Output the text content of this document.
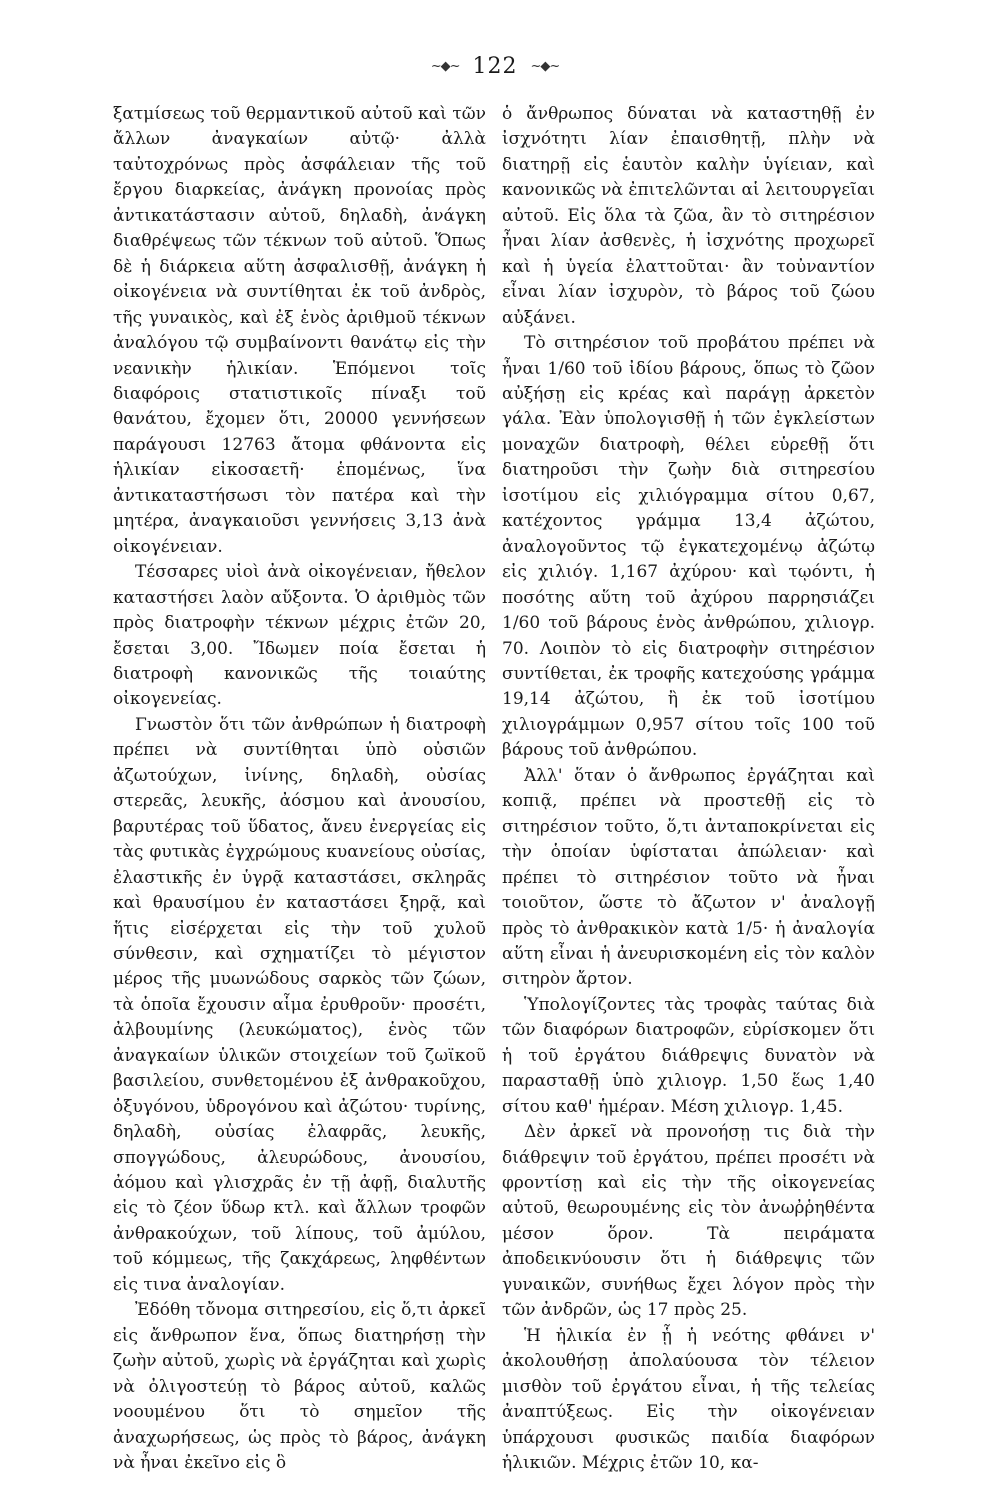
~◆~ 122 ~◆~

ξατμίσεως τοῦ θερμαντικοῦ αὐτοῦ καὶ τῶν ἄλλων ἀναγκαίων αὐτῷ· ἀλλὰ ταὐτοχρόνως πρὸς ἀσφάλειαν τῆς τοῦ ἔργου διαρκείας, ἀνάγκη προνοίας πρὸς ἀντικατάστασιν αὐτοῦ, δηλαδὴ, ἀνάγκη διαθρέψεως τῶν τέκνων τοῦ αὐτοῦ. Ὅπως δὲ ἡ διάρκεια αὕτη ἀσφαλισθῇ, ἀνάγκη ἡ οἰκογένεια νὰ συντίθηται ἐκ τοῦ ἀνδρὸς, τῆς γυναικὸς, καὶ ἐξ ἑνὸς ἀριθμοῦ τέκνων ἀναλόγου τῷ συμβαίνοντι θανάτῳ εἰς τὴν νεανικὴν ἡλικίαν. Ἑπόμενοι τοῖς διαφόροις στατιστικοῖς πίναξι τοῦ θανάτου, ἔχομεν ὅτι, 20000 γεννήσεων παράγουσι 12763 ἄτομα φθάνοντα εἰς ἡλικίαν εἰκοσαετῆ· ἑπομένως, ἵνα ἀντικαταστήσωσι τὸν πατέρα καὶ τὴν μητέρα, ἀναγκαιοῦσι γεννήσεις 3,13 ἀνὰ οἰκογένειαν.

Τέσσαρες υἱοὶ ἀνὰ οἰκογένειαν, ἤθελον καταστήσει λαὸν αὔξοντα. Ὁ ἀριθμὸς τῶν πρὸς διατροφὴν τέκνων μέχρις ἐτῶν 20, ἔσεται 3,00. Ἴδωμεν ποία ἔσεται ἡ διατροφὴ κανονικῶς τῆς τοιαύτης οἰκογενείας.

Γνωστὸν ὅτι τῶν ἀνθρώπων ἡ διατροφὴ πρέπει νὰ συντίθηται ὑπὸ οὐσιῶν ἀζωτούχων, ἰνίνης, δηλαδὴ, οὐσίας στερεᾶς, λευκῆς, ἀόσμου καὶ ἀνουσίου, βαρυτέρας τοῦ ὕδατος, ἄνευ ἐνεργείας εἰς τὰς φυτικὰς ἐγχρώμους κυανείους οὐσίας, ἐλαστικῆς ἐν ὑγρᾷ καταστάσει, σκληρᾶς καὶ θραυσίμου ἐν καταστάσει ξηρᾷ, καὶ ἥτις εἰσέρχεται εἰς τὴν τοῦ χυλοῦ σύνθεσιν, καὶ σχηματίζει τὸ μέγιστον μέρος τῆς μυωνώδους σαρκὸς τῶν ζώων, τὰ ὁποῖα ἔχουσιν αἷμα ἐρυθροῦν· προσέτι, ἀλβουμίνης (λευκώματος), ἑνὸς τῶν ἀναγκαίων ὑλικῶν στοιχείων τοῦ ζωϊκοῦ βασιλείου, συνθετομένου ἐξ ἀνθρακοῦχου, ὀξυγόνου, ὑδρογόνου καὶ ἀζώτου· τυρίνης, δηλαδὴ, οὐσίας ἐλαφρᾶς, λευκῆς, σπογγώδους, ἀλευρώδους, ἀνουσίου, ἀόμου καὶ γλισχρᾶς ἐν τῇ ἀφῇ, διαλυτῆς εἰς τὸ ζέον ὕδωρ κτλ. καὶ ἄλλων τροφῶν ἀνθρακούχων, τοῦ λίπους, τοῦ ἀμύλου, τοῦ κόμμεως, τῆς ζακχάρεως, ληφθέντων εἰς τινα ἀναλογίαν.

Ἐδόθη τὄνομα σιτηρεσίου, εἰς ὅ,τι ἀρκεῖ εἰς ἄνθρωπον ἕνα, ὅπως διατηρήσῃ τὴν ζωὴν αὐτοῦ, χωρὶς νὰ ἐργάζηται καὶ χωρὶς νὰ ὀλιγοστεύῃ τὸ βάρος αὐτοῦ, καλῶς νοουμένου ὅτι τὸ σημεῖον τῆς ἀναχωρήσεως, ὡς πρὸς τὸ βάρος, ἀνάγκη νὰ ἦναι ἐκεῖνο εἰς ὃ

ὁ ἄνθρωπος δύναται νὰ καταστηθῇ ἐν ἰσχνότητι λίαν ἐπαισθητῇ, πλὴν νὰ διατηρῇ εἰς ἑαυτὸν καλὴν ὑγίειαν, καὶ κανονικῶς νὰ ἐπιτελῶνται αἱ λειτουργεῖαι αὐτοῦ. Εἰς ὅλα τὰ ζῶα, ἂν τὸ σιτηρέσιον ἦναι λίαν ἀσθενὲς, ἡ ἰσχνότης προχωρεῖ καὶ ἡ ὑγεία ἐλαττοῦται· ἂν τοὐναντίον εἶναι λίαν ἰσχυρὸν, τὸ βάρος τοῦ ζώου αὐξάνει.

Τὸ σιτηρέσιον τοῦ προβάτου πρέπει νὰ ἦναι 1/60 τοῦ ἰδίου βάρους, ὅπως τὸ ζῶον αὐξήσῃ εἰς κρέας καὶ παράγῃ ἀρκετὸν γάλα. Ἐὰν ὑπολογισθῇ ἡ τῶν ἐγκλείστων μοναχῶν διατροφὴ, θέλει εὑρεθῇ ὅτι διατηροῦσι τὴν ζωὴν διὰ σιτηρεσίου ἰσοτίμου εἰς χιλιόγραμμα σίτου 0,67, κατέχοντος γράμμα 13,4 ἀζώτου, ἀναλογοῦντος τῷ ἐγκατεχομένῳ ἀζώτῳ εἰς χιλιόγ. 1,167 ἀχύρου· καὶ τῳόντι, ἡ ποσότης αὕτη τοῦ ἀχύρου παρρησιάζει 1/60 τοῦ βάρους ἑνὸς ἀνθρώπου, χιλιογρ. 70. Λοιπὸν τὸ εἰς διατροφὴν σιτηρέσιον συντίθεται, ἐκ τροφῆς κατεχούσης γράμμα 19,14 ἀζώτου, ἢ ἐκ τοῦ ἰσοτίμου χιλιογράμμων 0,957 σίτου τοῖς 100 τοῦ βάρους τοῦ ἀνθρώπου.

Ἀλλ' ὅταν ὁ ἄνθρωπος ἐργάζηται καὶ κοπιᾷ, πρέπει νὰ προστεθῇ εἰς τὸ σιτηρέσιον τοῦτο, ὅ,τι ἀνταποκρίνεται εἰς τὴν ὁποίαν ὑφίσταται ἀπώλειαν· καὶ πρέπει τὸ σιτηρέσιον τοῦτο νὰ ἦναι τοιοῦτον, ὥστε τὸ ἄζωτον ν' ἀναλογῇ πρὸς τὸ ἀνθρακικὸν κατὰ 1/5· ἡ ἀναλογία αὕτη εἶναι ἡ ἀνευρισκομένη εἰς τὸν καλὸν σιτηρὸν ἄρτον.

Ὑπολογίζοντες τὰς τροφὰς ταύτας διὰ τῶν διαφόρων διατροφῶν, εὑρίσκομεν ὅτι ἡ τοῦ ἐργάτου διάθρεψις δυνατὸν νὰ παρασταθῇ ὑπὸ χιλιογρ. 1,50 ἕως 1,40 σίτου καθ' ἡμέραν. Μέση χιλιογρ. 1,45.

Δὲν ἀρκεῖ νὰ προνοήσῃ τις διὰ τὴν διάθρεψιν τοῦ ἐργάτου, πρέπει προσέτι νὰ φροντίσῃ καὶ εἰς τὴν τῆς οἰκογενείας αὐτοῦ, θεωρουμένης εἰς τὸν ἀνωῤῥηθέντα μέσον ὅρον. Τὰ πειράματα ἀποδεικνύουσιν ὅτι ἡ διάθρεψις τῶν γυναικῶν, συνήθως ἔχει λόγον πρὸς τὴν τῶν ἀνδρῶν, ὡς 17 πρὸς 25.

Ἡ ἡλικία ἐν ᾗ ἡ νεότης φθάνει ν' ἀκολουθήσῃ ἀπολαύουσα τὸν τέλειον μισθὸν τοῦ ἐργάτου εἶναι, ἡ τῆς τελείας ἀναπτύξεως. Εἰς τὴν οἰκογένειαν ὑπάρχουσι φυσικῶς παιδία διαφόρων ἡλικιῶν. Μέχρις ἐτῶν 10, κα-
